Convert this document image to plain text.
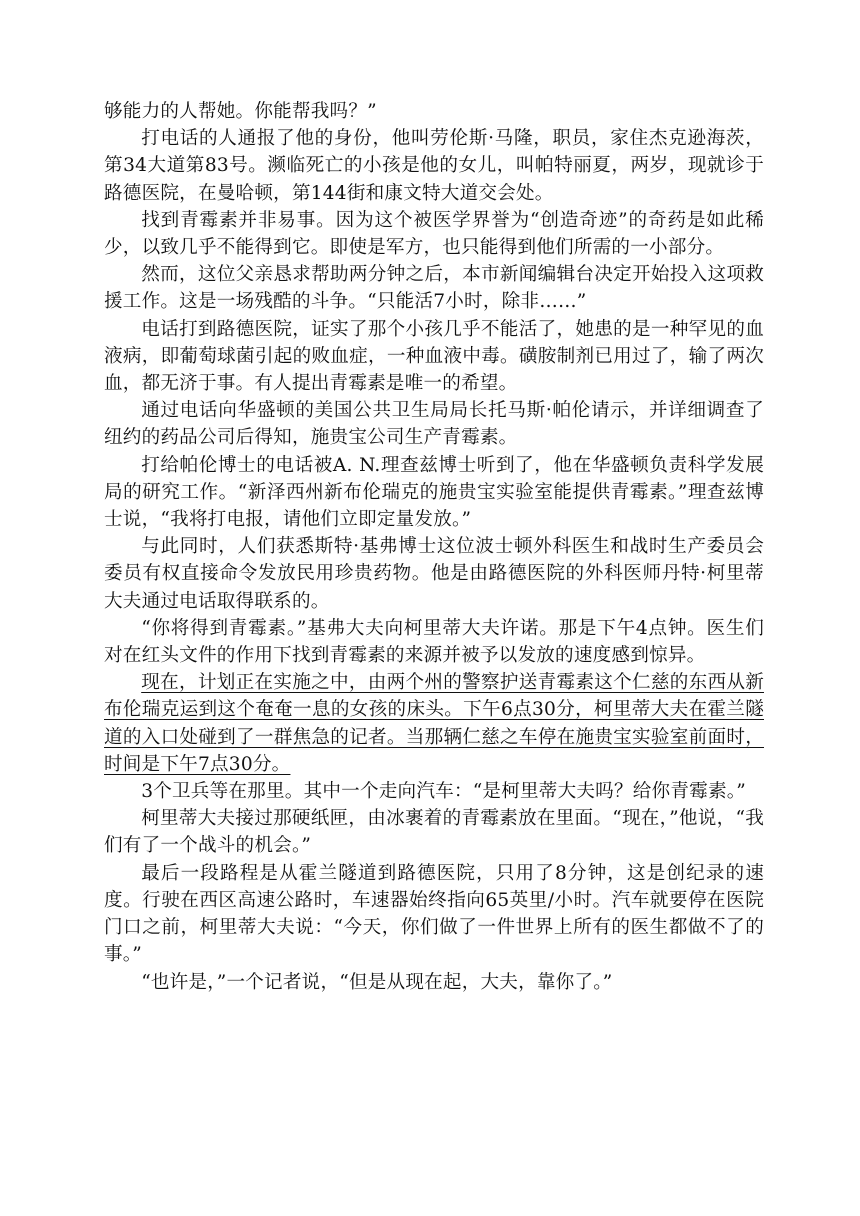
够能力的人帮她。你能帮我吗？”

打电话的人通报了他的身份，他叫劳伦斯·马隆，职员，家住杰克逊海茨，第34大道第83号。濒临死亡的小孩是他的女儿，叫帕特丽夏，两岁，现就诊于路德医院，在曼哈顿，第144街和康文特大道交会处。

找到青霉素并非易事。因为这个被医学界誉为“创造奇迹”的奇药是如此稀少，以致几乎不能得到它。即使是军方，也只能得到他们所需的一小部分。

然而，这位父亲恳求帮助两分钟之后，本市新闻编辑台决定开始投入这项救援工作。这是一场残酷的斗争。“只能活7小时，除非……”

电话打到路德医院，证实了那个小孩几乎不能活了，她患的是一种罕见的血液病，即葡萄球菌引起的败血症，一种血液中毒。磺胺制剂已用过了，输了两次血，都无济于事。有人提出青霉素是唯一的希望。

通过电话向华盛顿的美国公共卫生局局长托马斯·帕伦请示，并详细调查了纽约的药品公司后得知，施贵宝公司生产青霉素。

打给帕伦博士的电话被A. N.理查兹博士听到了，他在华盛顿负责科学发展局的研究工作。“新泽西州新布伦瑞克的施贵宝实验室能提供青霉素。”理查兹博士说，“我将打电报，请他们立即定量发放。”

与此同时，人们获悉斯特·基弗博士这位波士顿外科医生和战时生产委员会委员有权直接命令发放民用珍贵药物。他是由路德医院的外科医师丹特·柯里蒂大夫通过电话取得联系的。

“你将得到青霉素。”基弗大夫向柯里蒂大夫许诺。那是下午4点钟。医生们对在红头文件的作用下找到青霉素的来源并被予以发放的速度感到惊异。

现在，计划正在实施之中，由两个州的警察护送青霉素这个仁慈的东西从新布伦瑞克运到这个奄奄一息的女孩的床头。下午6点30分，柯里蒂大夫在霍兰隧道的入口处碰到了一群焦急的记者。当那辆仁慈之车停在施贵宝实验室前面时，时间是下午7点30分。

3个卫兵等在那里。其中一个走向汽车：“是柯里蒂大夫吗？给你青霉素。”

柯里蒂大夫接过那硬纸匣，由冰裹着的青霉素放在里面。“现在，”他说，“我们有了一个战斗的机会。”

最后一段路程是从霍兰隧道到路德医院，只用了8分钟，这是创纪录的速度。行驶在西区高速公路时，车速器始终指向65英里/小时。汽车就要停在医院门口之前，柯里蒂大夫说：“今天，你们做了一件世界上所有的医生都做不了的事。”

“也许是，”一个记者说，“但是从现在起，大夫，靠你了。”
